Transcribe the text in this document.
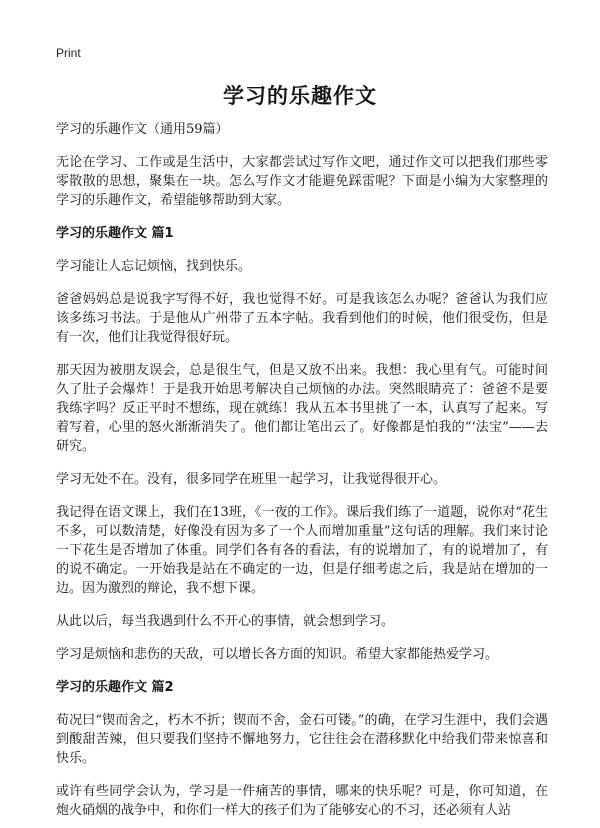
Print
学习的乐趣作文

学习的乐趣作文（通用59篇）

无论在学习、工作或是生活中，大家都尝试过写作文吧，通过作文可以把我们那些零零散散的思想，聚集在一块。怎么写作文才能避免踩雷呢？下面是小编为大家整理的学习的乐趣作文，希望能够帮助到大家。

学习的乐趣作文 篇1

学习能让人忘记烦恼，找到快乐。

爸爸妈妈总是说我字写得不好，我也觉得不好。可是我该怎么办呢？爸爸认为我们应该多练习书法。于是他从广州带了五本字帖。我看到他们的时候，他们很受伤，但是有一次，他们让我觉得很好玩。

那天因为被朋友误会，总是很生气，但是又放不出来。我想：我心里有气。可能时间久了肚子会爆炸！于是我开始思考解决自己烦恼的办法。突然眼睛亮了：爸爸不是要我练字吗？反正平时不想练，现在就练！我从五本书里挑了一本，认真写了起来。写着写着，心里的怒火渐渐消失了。他们都让笔出云了。好像都是怕我的“‘法宝”——去研究。

学习无处不在。没有，很多同学在班里一起学习，让我觉得很开心。

我记得在语文课上，我们在13班，《一夜的工作》。课后我们练了一道题，说你对“花生不多，可以数清楚，好像没有因为多了一个人而增加重量”这句话的理解。我们来讨论一下花生是否增加了体重。同学们各有各的看法，有的说增加了，有的说增加了，有的说不确定。一开始我是站在不确定的一边，但是仔细考虑之后，我是站在增加的一边。因为激烈的辩论，我不想下课。

从此以后，每当我遇到什么不开心的事情，就会想到学习。

学习是烦恼和悲伤的天敌，可以增长各方面的知识。希望大家都能热爱学习。

学习的乐趣作文 篇2

荀况曰“锲而舍之，朽木不折；锲而不舍，金石可镂。”的确，在学习生涯中，我们会遇到酸甜苦辣，但只要我们坚持不懈地努力，它往往会在潜移默化中给我们带来惊喜和快乐。

或许有些同学会认为，学习是一件痛苦的事情，哪来的快乐呢？可是，你可知道，在炮火硝烟的战争中，和你们一样大的孩子们为了能够安心的不习，还必须有人站
